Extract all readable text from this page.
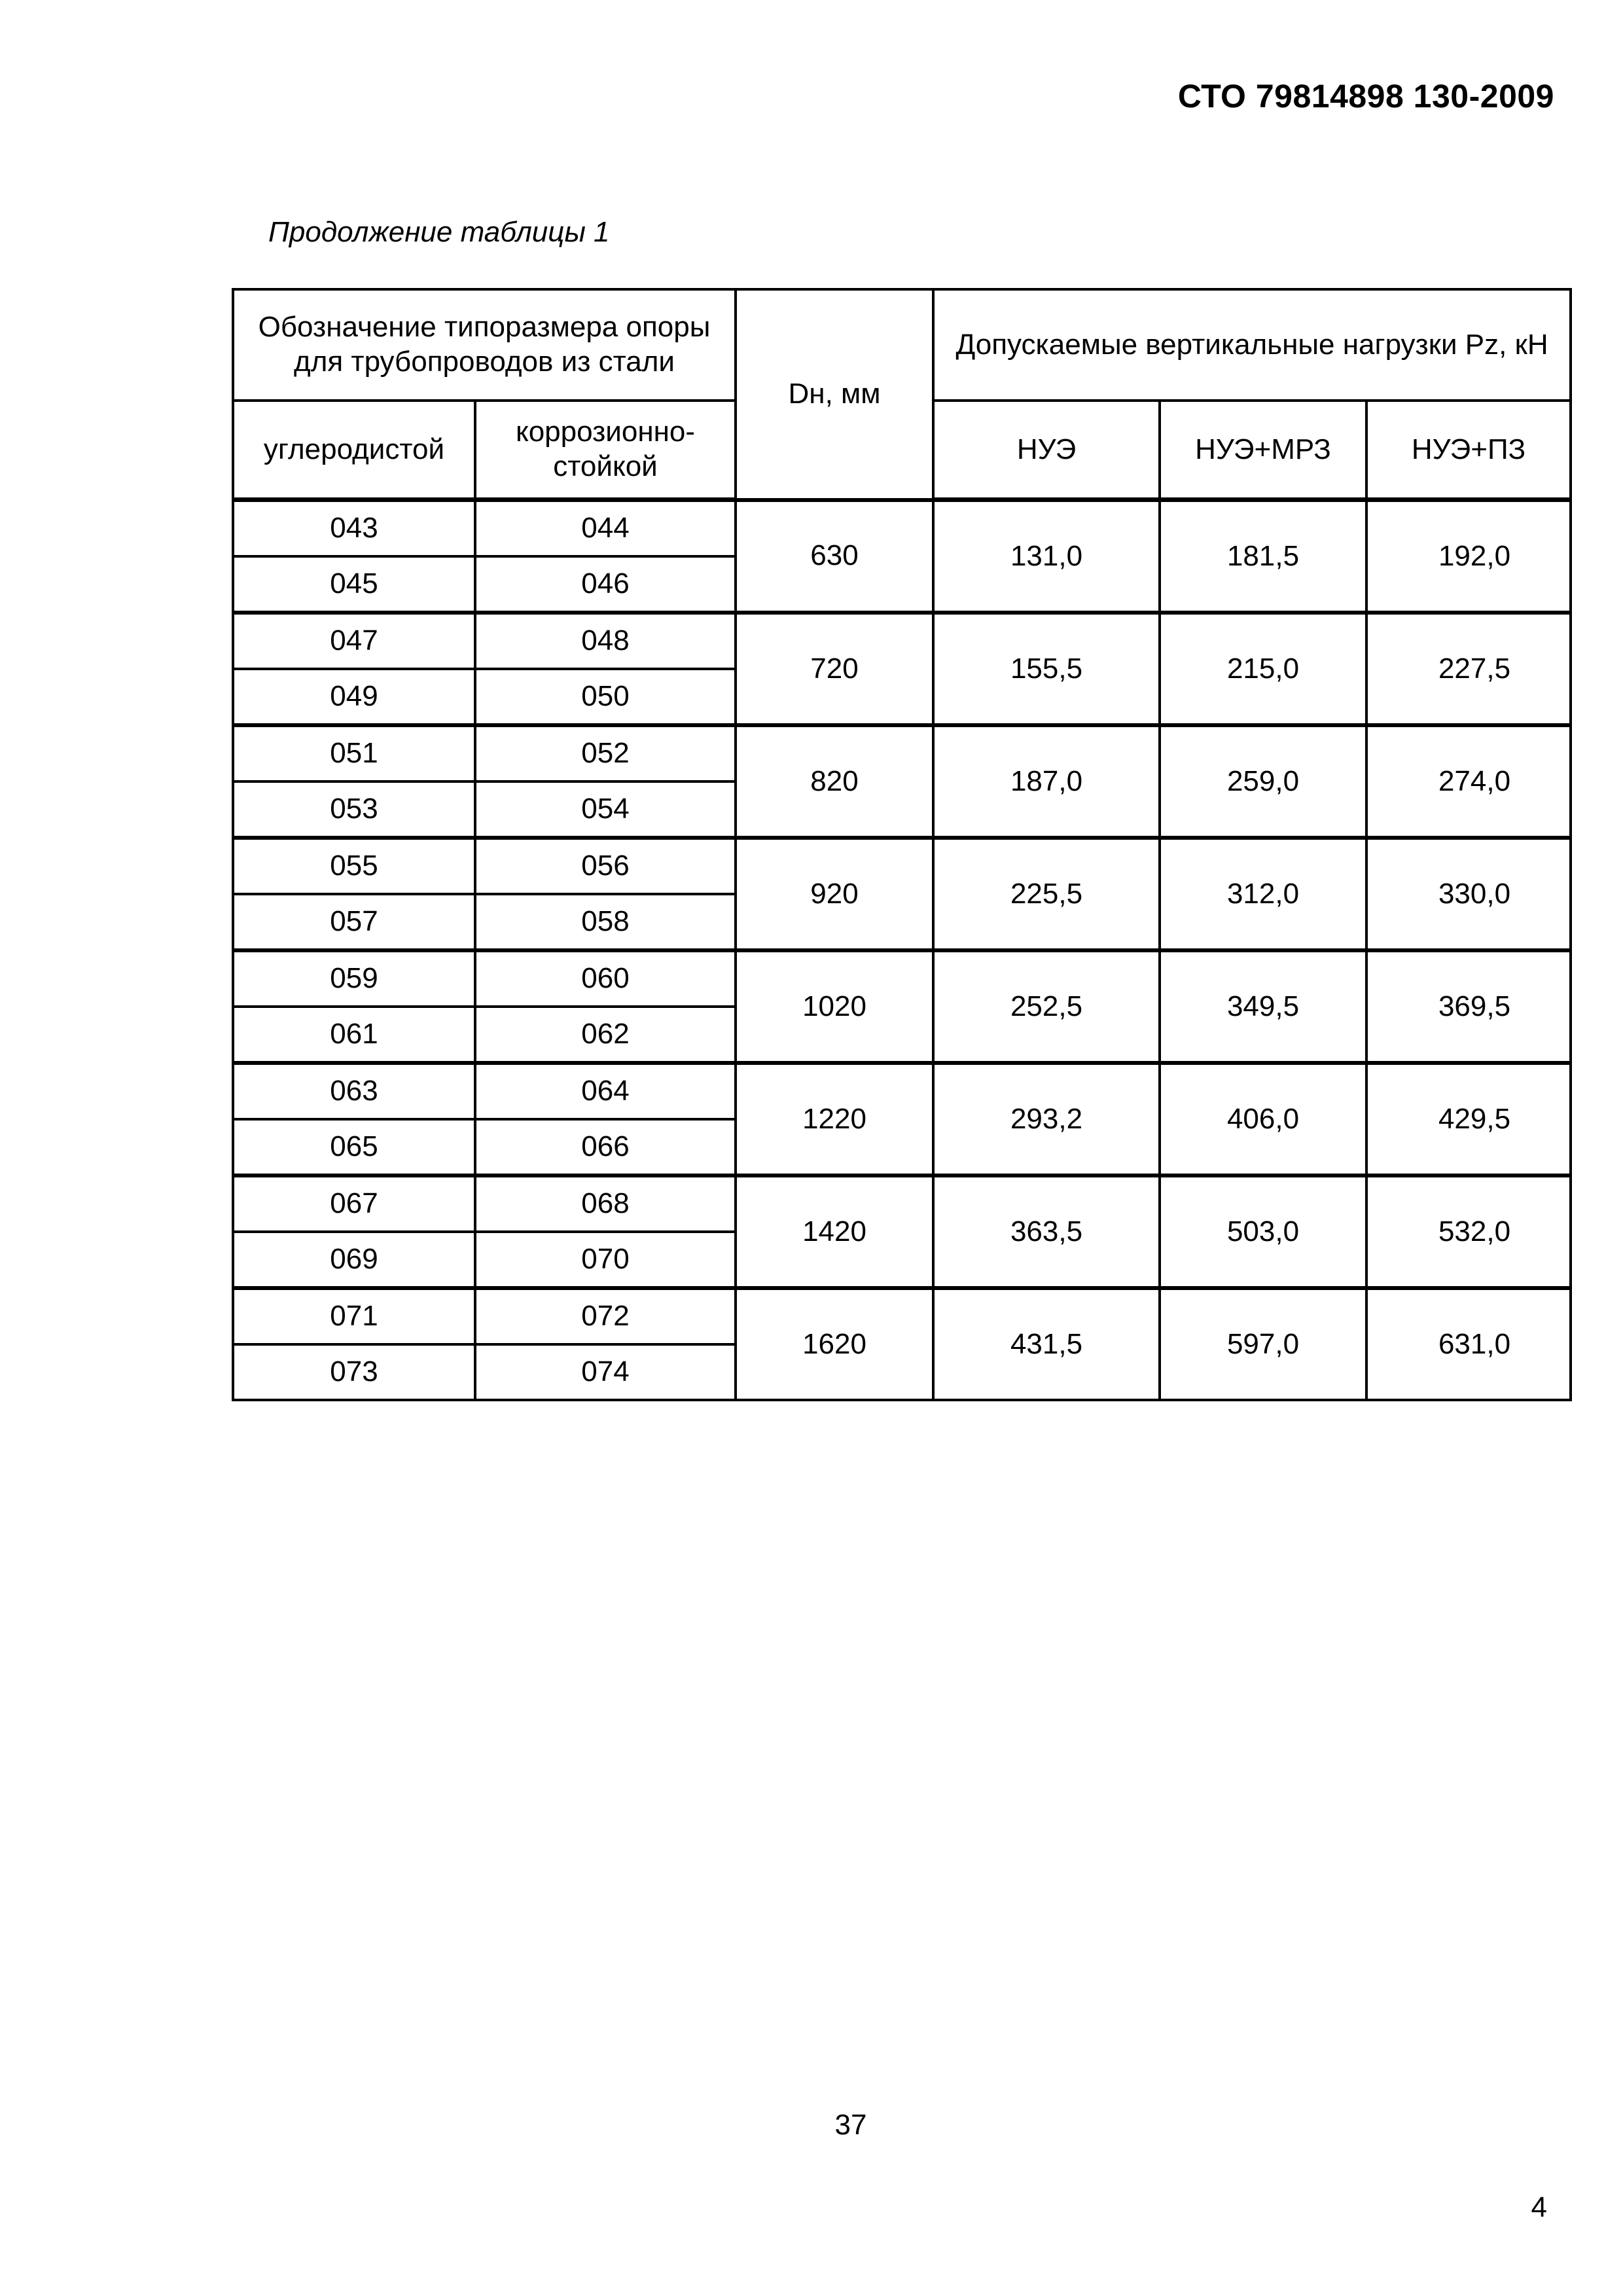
СТО 79814898 130-2009
Продолжение таблицы 1
Обозначение типоразмера опоры для трубопроводов из стали		Dн, мм	Допускаемые вертикальные нагрузки Pz, кН		
углеродистой	коррозионно-стойкой		НУЭ	НУЭ+МРЗ	НУЭ+ПЗ
043	044	630	131,0	181,5	192,0

045	046				
047	048	720	155,5	215,0	227,5

049	050				
051	052	820	187,0	259,0	274,0

053	054				
055	056	920	225,5	312,0	330,0

057	058				
059	060	1020	252,5	349,5	369,5

061	062				
063	064	1220	293,2	406,0	429,5

065	066				
067	068	1420	363,5	503,0	532,0

069	070				
071	072	1620	431,5	597,0	631,0

073	074				
37
4
